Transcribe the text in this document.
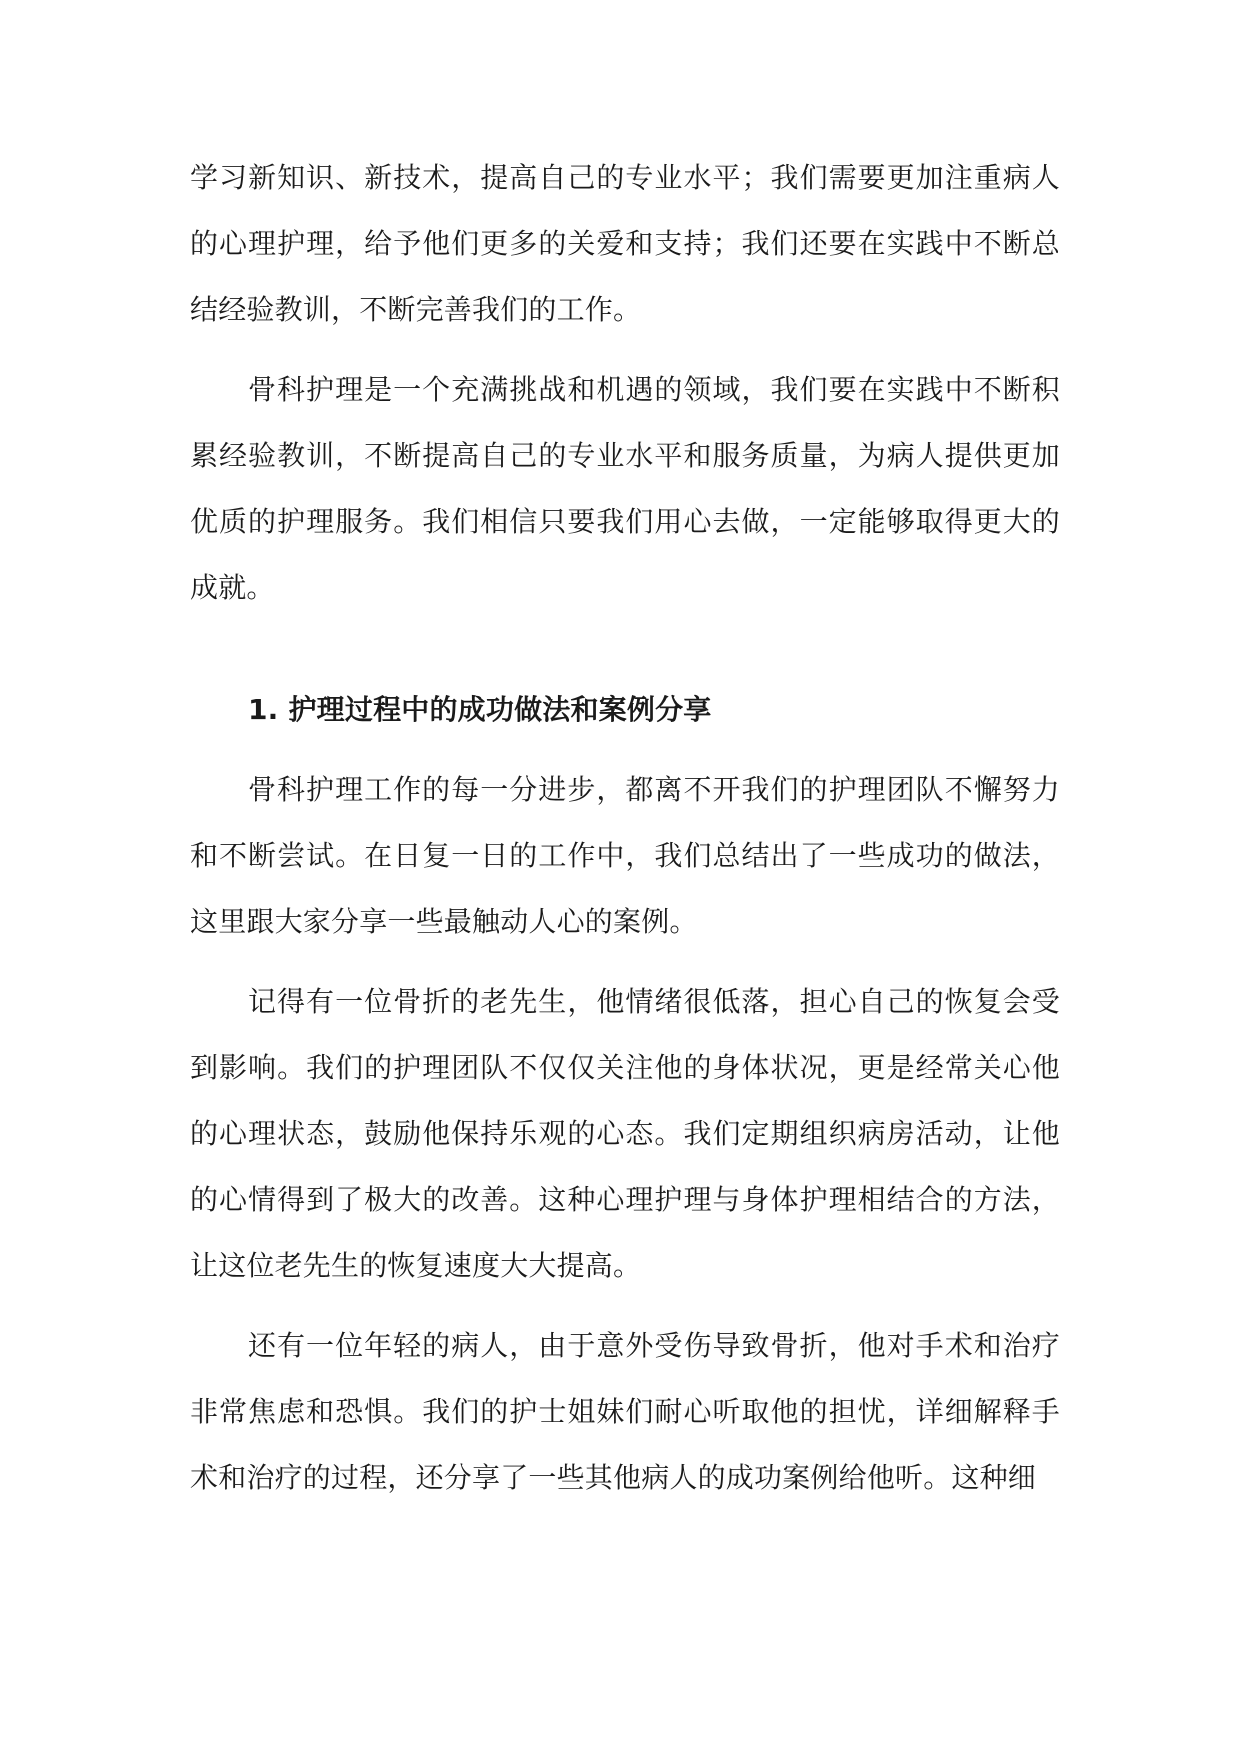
学习新知识、新技术，提高自己的专业水平；我们需要更加注重病人的心理护理，给予他们更多的关爱和支持；我们还要在实践中不断总结经验教训，不断完善我们的工作。

骨科护理是一个充满挑战和机遇的领域，我们要在实践中不断积累经验教训，不断提高自己的专业水平和服务质量，为病人提供更加优质的护理服务。我们相信只要我们用心去做，一定能够取得更大的成就。

1. 护理过程中的成功做法和案例分享

骨科护理工作的每一分进步，都离不开我们的护理团队不懈努力和不断尝试。在日复一日的工作中，我们总结出了一些成功的做法，这里跟大家分享一些最触动人心的案例。

记得有一位骨折的老先生，他情绪很低落，担心自己的恢复会受到影响。我们的护理团队不仅仅关注他的身体状况，更是经常关心他的心理状态，鼓励他保持乐观的心态。我们定期组织病房活动，让他的心情得到了极大的改善。这种心理护理与身体护理相结合的方法，让这位老先生的恢复速度大大提高。

还有一位年轻的病人，由于意外受伤导致骨折，他对手术和治疗非常焦虑和恐惧。我们的护士姐妹们耐心听取他的担忧，详细解释手术和治疗的过程，还分享了一些其他病人的成功案例给他听。这种细
